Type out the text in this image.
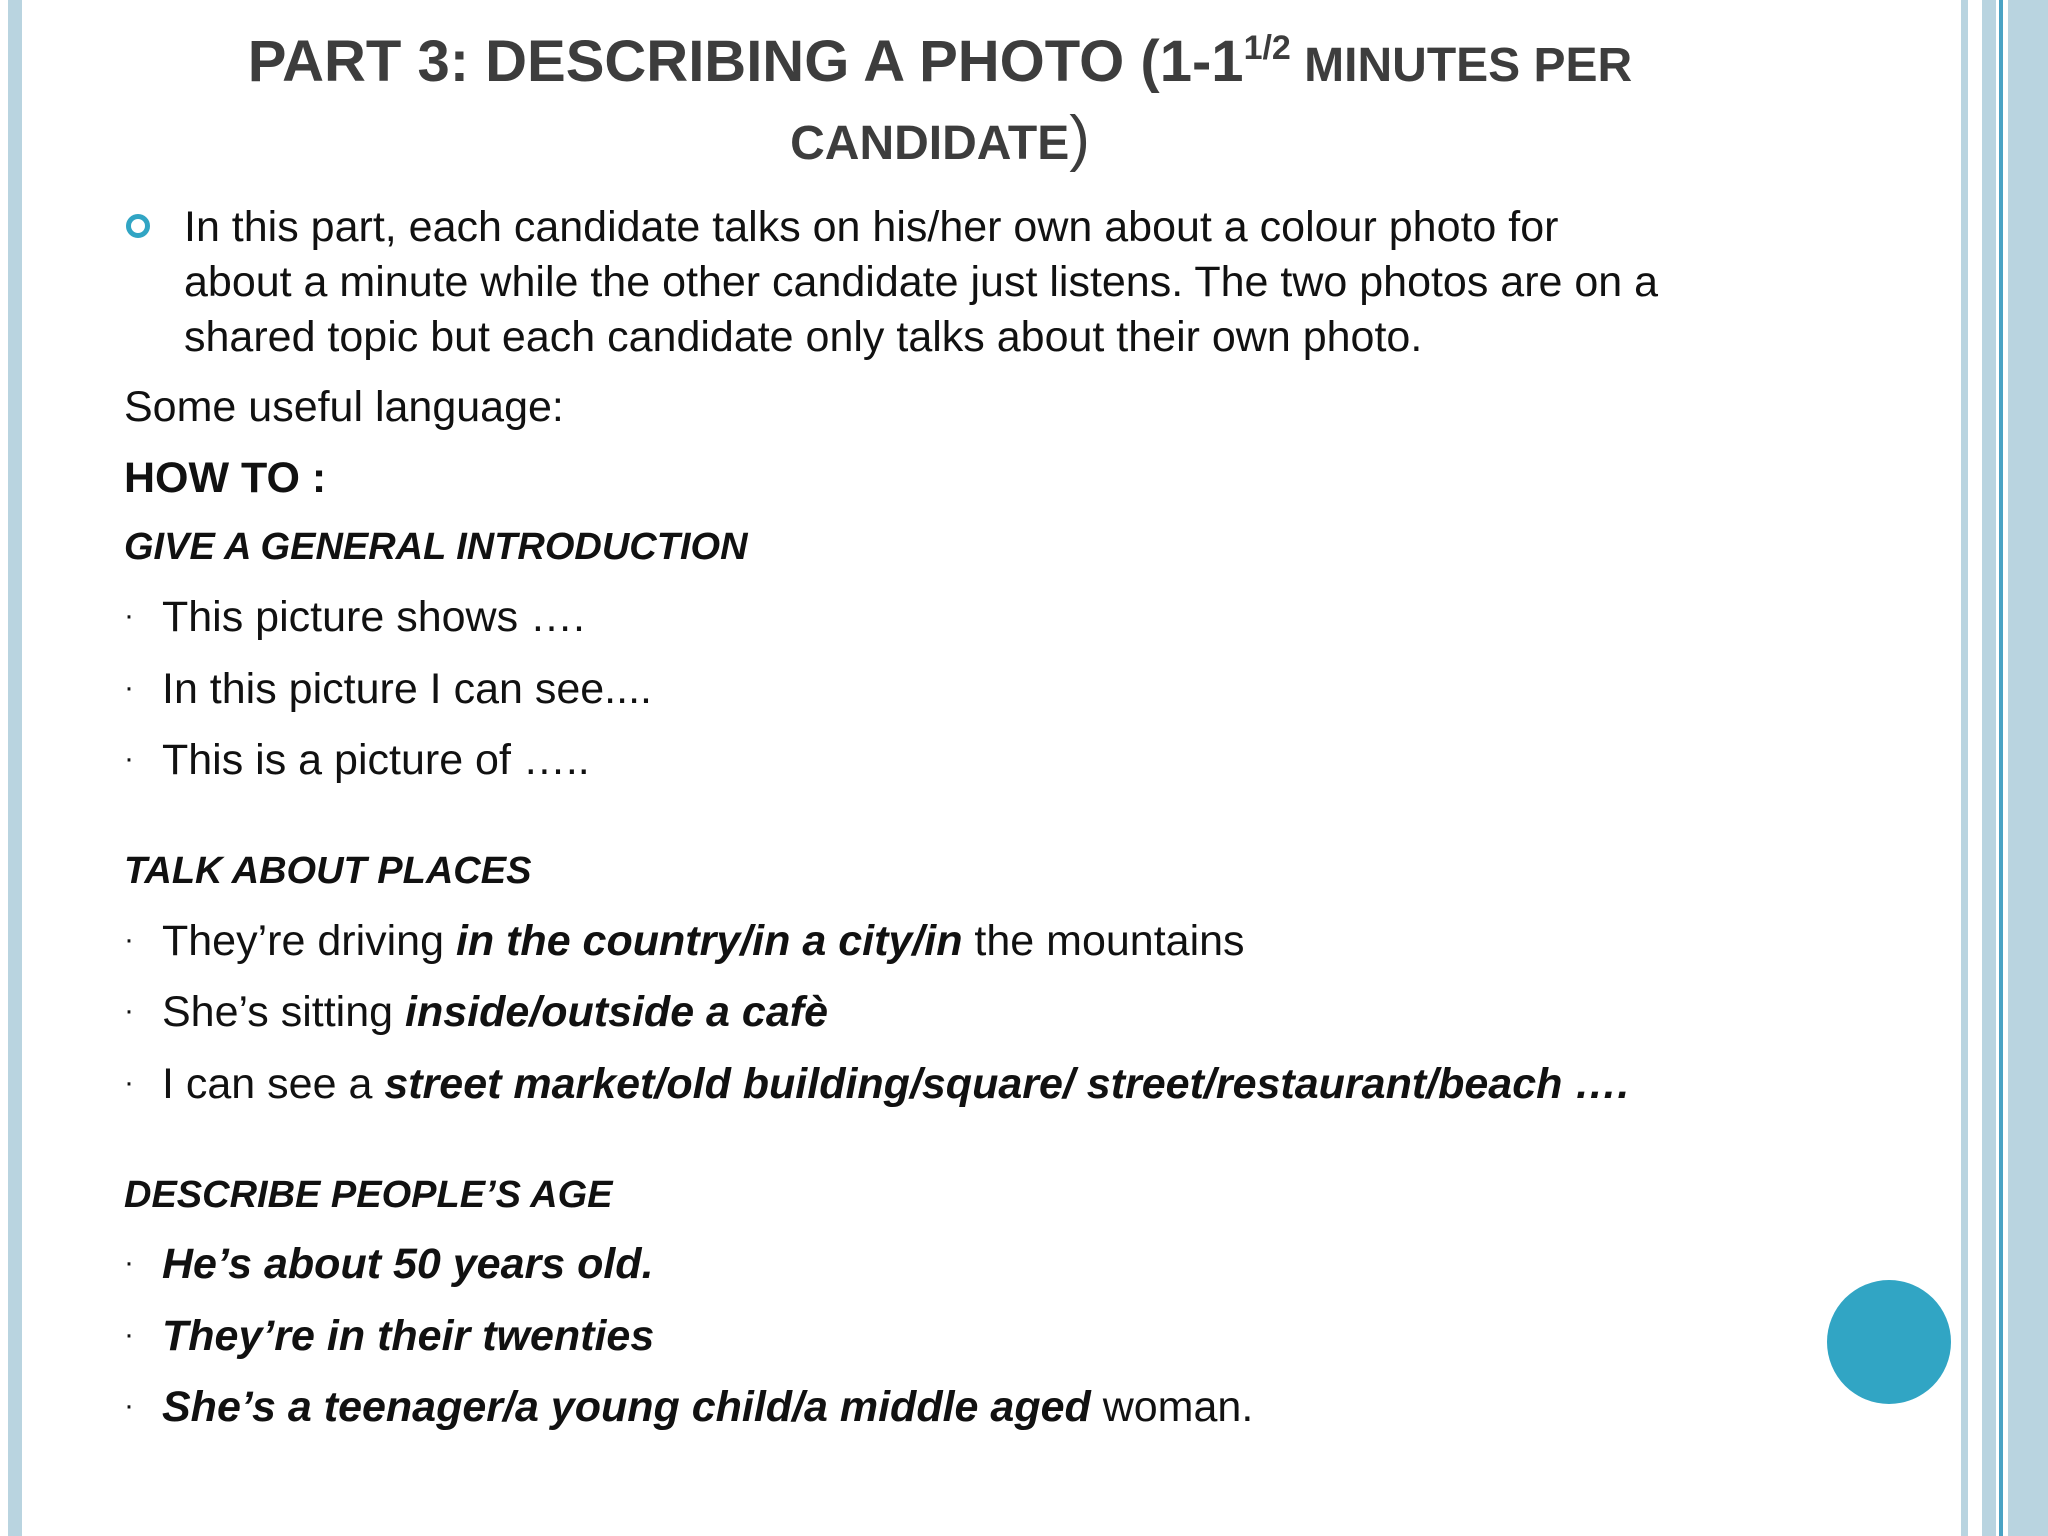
PART 3: DESCRIBING A PHOTO (1-11/2 MINUTES PER
CANDIDATE)
In this part, each candidate talks on his/her own about a colour photo for
about a minute while the other candidate just listens. The two photos are on a
shared topic but each candidate only talks about their own photo.
Some useful language:
HOW TO :
GIVE A GENERAL INTRODUCTION
· This picture shows ….
· In this picture I can see....
· This is a picture of …..
TALK ABOUT PLACES
· They’re driving in the country/in a city/in the mountains
· She’s sitting inside/outside a cafè
· I can see a street market/old building/square/ street/restaurant/beach ….
DESCRIBE PEOPLE’S AGE
· He’s about 50 years old.
· They’re in their twenties
· She’s a teenager/a young child/a middle aged woman.
